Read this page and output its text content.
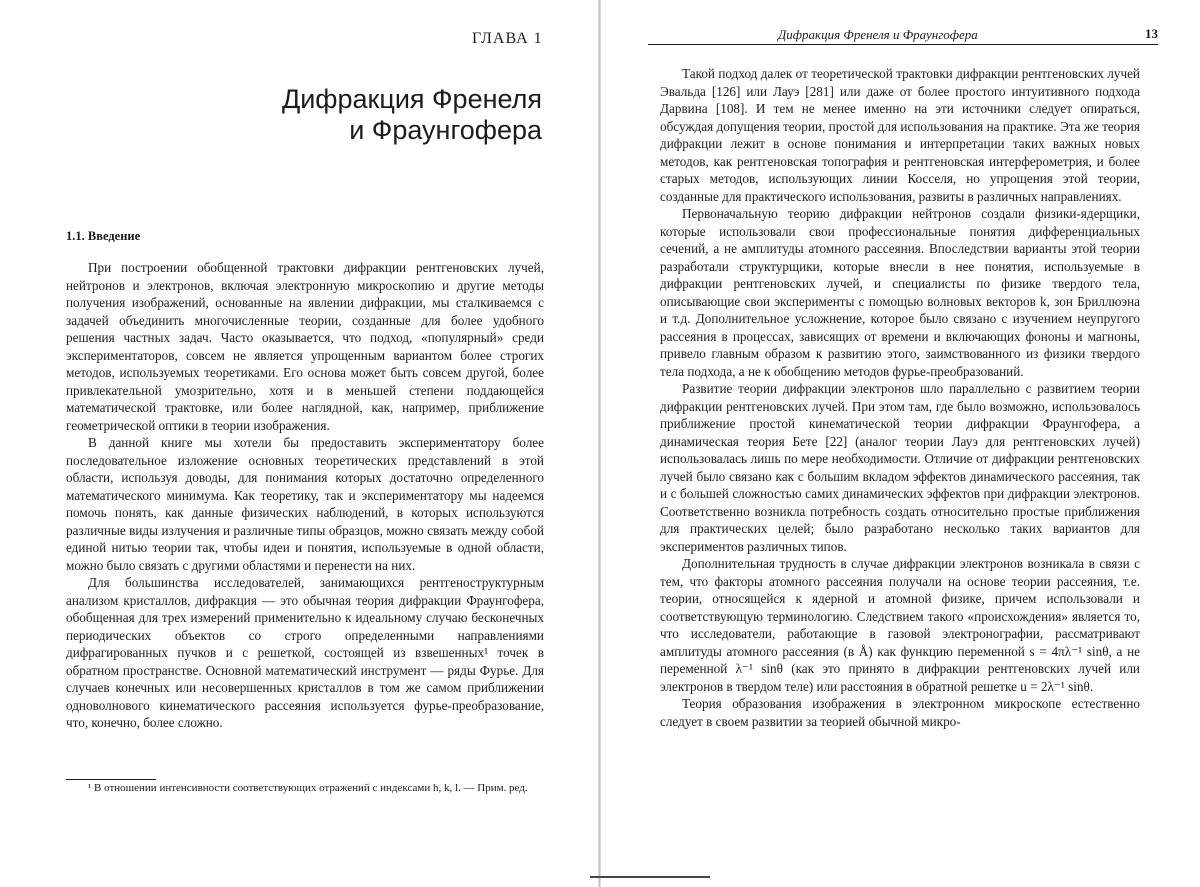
ГЛАВА 1
Дифракция Френеля
и Фраунгофера
1.1. Введение

При построении обобщенной трактовки дифракции рентгеновских лучей, нейтронов и электронов, включая электронную микроскопию и другие методы получения изображений, основанные на явлении дифракции, мы сталкиваемся с задачей объединить многочисленные теории, созданные для более удобного решения частных задач. Часто оказывается, что подход, «популярный» среди экспериментаторов, совсем не является упрощенным вариантом более строгих методов, используемых теоретиками. Его основа может быть совсем другой, более привлекательной умозрительно, хотя и в меньшей степени поддающейся математической трактовке, или более наглядной, как, например, приближение геометрической оптики в теории изображения.

В данной книге мы хотели бы предоставить экспериментатору более последовательное изложение основных теоретических представлений в этой области, используя доводы, для понимания которых достаточно определенного математического минимума. Как теоретику, так и экспериментатору мы надеемся помочь понять, как данные физических наблюдений, в которых используются различные виды излучения и различные типы образцов, можно связать между собой единой нитью теории так, чтобы идеи и понятия, используемые в одной области, можно было связать с другими областями и перенести на них.

Для большинства исследователей, занимающихся рентгеноструктурным анализом кристаллов, дифракция — это обычная теория дифракции Фраунгофера, обобщенная для трех измерений применительно к идеальному случаю бесконечных периодических объектов со строго определенными направлениями дифрагированных пучков и с решеткой, состоящей из взвешенных¹ точек в обратном пространстве. Основной математический инструмент — ряды Фурье. Для случаев конечных или несовершенных кристаллов в том же самом приближении одноволнового кинематического рассеяния используется фурье-преобразование, что, конечно, более сложно.

¹ В отношении интенсивности соответствующих отражений с индексами h, k, l. — Прим. ред.

Дифракция Френеля и Фраунгофера	13

Такой подход далек от теоретической трактовки дифракции рентгеновских лучей Эвальда [126] или Лауэ [281] или даже от более простого интуитивного подхода Дарвина [108]. И тем не менее именно на эти источники следует опираться, обсуждая допущения теории, простой для использования на практике. Эта же теория дифракции лежит в основе понимания и интерпретации таких важных новых методов, как рентгеновская топография и рентгеновская интерферометрия, и более старых методов, использующих линии Косселя, но упрощения этой теории, созданные для практического использования, развиты в различных направлениях.

Первоначальную теорию дифракции нейтронов создали физики-ядерщики, которые использовали свои профессиональные понятия дифференциальных сечений, а не амплитуды атомного рассеяния. Впоследствии варианты этой теории разработали структурщики, которые внесли в нее понятия, используемые в дифракции рентгеновских лучей, и специалисты по физике твердого тела, описывающие свои эксперименты с помощью волновых векторов k, зон Бриллюэна и т.д. Дополнительное усложнение, которое было связано с изучением неупругого рассеяния в процессах, зависящих от времени и включающих фононы и магноны, привело главным образом к развитию этого, заимствованного из физики твердого тела подхода, а не к обобщению методов фурье-преобразований.

Развитие теории дифракции электронов шло параллельно с развитием теории дифракции рентгеновских лучей. При этом там, где было возможно, использовалось приближение простой кинематической теории дифракции Фраунгофера, а динамическая теория Бете [22] (аналог теории Лауэ для рентгеновских лучей) использовалась лишь по мере необходимости. Отличие от дифракции рентгеновских лучей было связано как с большим вкладом эффектов динамического рассеяния, так и с большей сложностью самих динамических эффектов при дифракции электронов. Соответственно возникла потребность создать относительно простые приближения для практических целей; было разработано несколько таких вариантов для экспериментов различных типов.

Дополнительная трудность в случае дифракции электронов возникала в связи с тем, что факторы атомного рассеяния получали на основе теории рассеяния, т.е. теории, относящейся к ядерной и атомной физике, причем использовали и соответствующую терминологию. Следствием такого «происхождения» является то, что исследователи, работающие в газовой электронографии, рассматривают амплитуды атомного рассеяния (в Å) как функцию переменной s = 4πλ⁻¹ sinθ, а не переменной λ⁻¹ sinθ (как это принято в дифракции рентгеновских лучей или электронов в твердом теле) или расстояния в обратной решетке u = 2λ⁻¹ sinθ.

Теория образования изображения в электронном микроскопе естественно следует в своем развитии за теорией обычной микро-
